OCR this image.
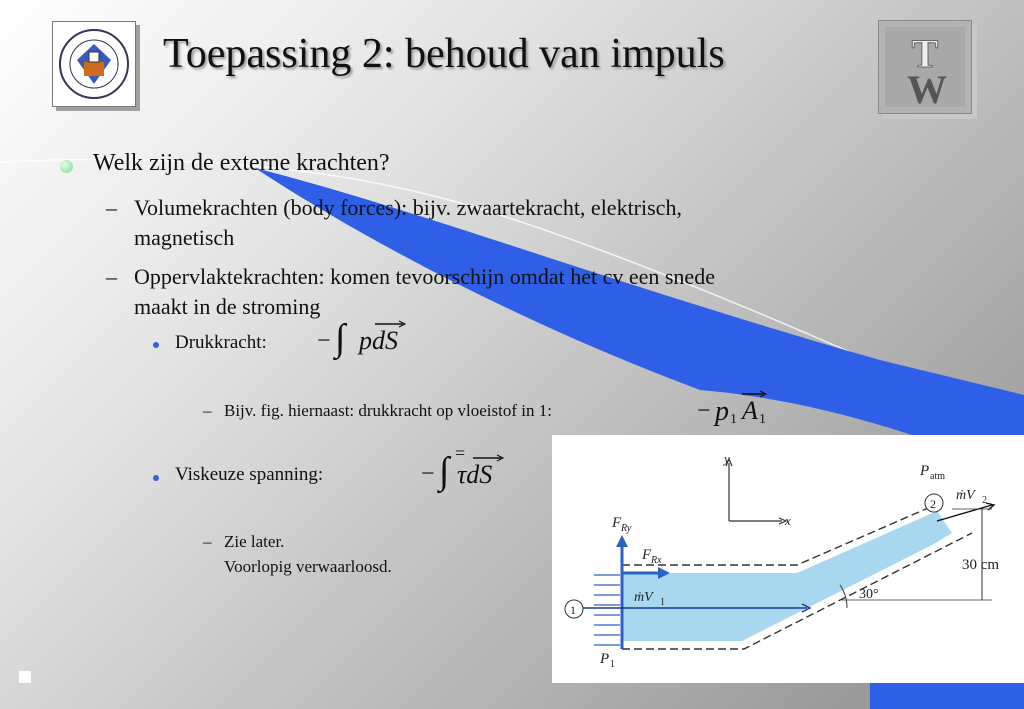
Toepassing 2: behoud van impuls	T
W
Welk zijn de externe krachten?
– Volumekrachten (body forces): bijv. zwaartekracht, elektrisch,
magnetisch
– Oppervlaktekrachten: komen tevoorschijn omdat het cv een snede
maakt in de stroming
Drukkracht: − ∫ pdS
– Bijv. fig. hiernaast: drukkracht op vloeistof in 1:	− p 1 A 1
Viskeuze spanning:	− ∫ =
τdS
– Zie later.
Voorlopig verwaarloosd.
y
x
P atm
ṁV 2
2
F Ry
F Rx
ṁV 1
1
P 1
30 cm
30°
